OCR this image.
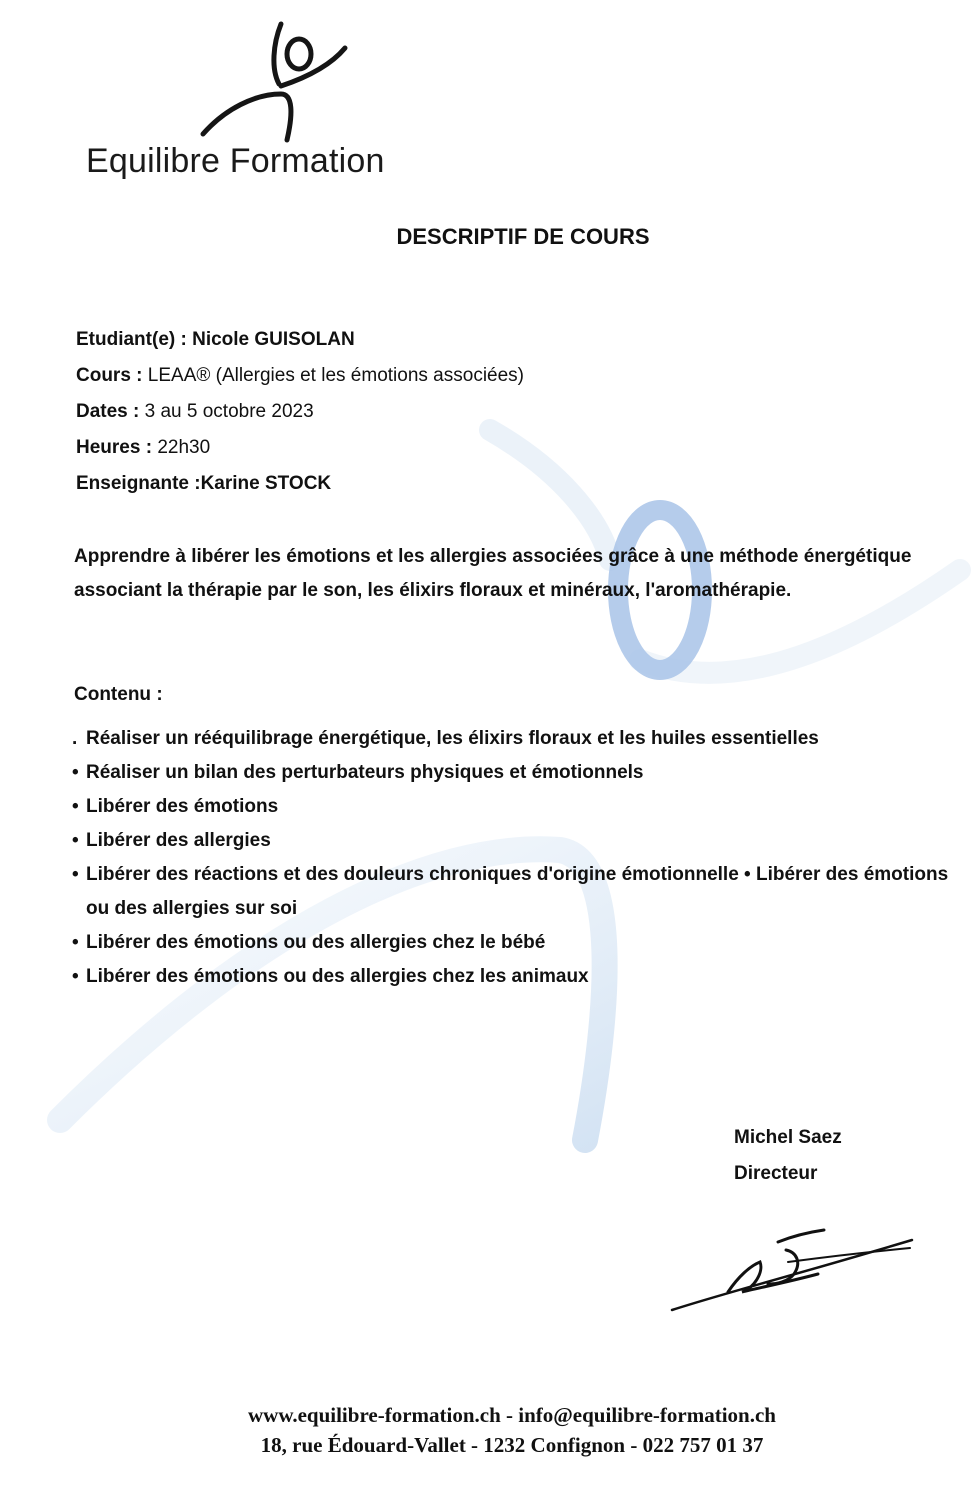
Equilibre Formation
DESCRIPTIF DE COURS
Etudiant(e) : Nicole GUISOLAN
Cours : LEAA® (Allergies et les émotions associées)
Dates : 3 au 5 octobre 2023
Heures : 22h30
Enseignante :Karine STOCK
Apprendre à libérer les émotions et les allergies associées grâce à une méthode énergétique associant la thérapie par le son, les élixirs floraux et minéraux, l'aromathérapie.
Contenu :
. Réaliser un rééquilibrage énergétique, les élixirs floraux et les huiles essentielles
• Réaliser un bilan des perturbateurs physiques et émotionnels
• Libérer des émotions
• Libérer des allergies
• Libérer des réactions et des douleurs chroniques d'origine émotionnelle • Libérer des émotions ou des allergies sur soi
• Libérer des émotions ou des allergies chez le bébé
• Libérer des émotions ou des allergies chez les animaux
Michel Saez
Directeur
www.equilibre-formation.ch - info@equilibre-formation.ch
18, rue Édouard-Vallet - 1232 Confignon - 022 757 01 37
